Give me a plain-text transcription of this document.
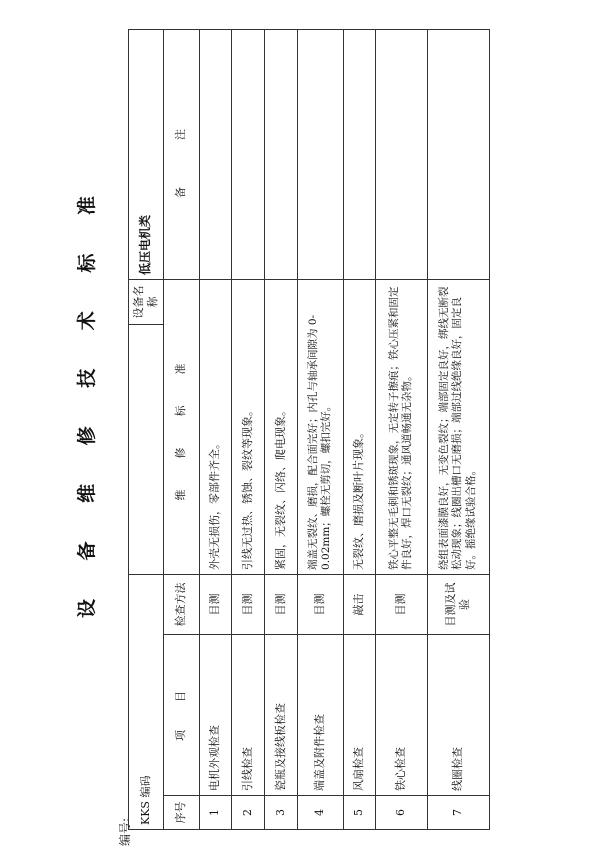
设
备
维
修
技
术
标
准
编号:
KKS 编码				设备名称	低压电机类
序号	项　　目	检查方法	维　修　标　准		备　注
1	电机外观检查	目测	外壳无损伤，零部件齐全。		
2	引线检查	目测	引线无过热、锈蚀、裂纹等现象。		
3	瓷瓶及接线板检查	目测	紧固，无裂纹、闪络、爬电现象。		
4	端盖及附件检查	目测	端盖无裂纹、磨损，配合面完好；内孔与轴承间隙为 0-0.02mm；螺栓无剪切，螺扣完好。		
5	风扇检查	敲击	无裂纹、磨损及断叶片现象。		
6	铁心检查	目测	铁心平整无毛刺和锈斑现象，无定转子擦痕；铁心压紧和固定件良好，焊口无裂纹；通风道畅通无杂物。		
7	线圈检查	目测及试验	绕组表面漆膜良好，无变色裂纹；端部固定良好，绑线无断裂松动现象；线圈出槽口无磨损；端部过线绝缘良好，固定良好。摇绝缘试验合格。		
